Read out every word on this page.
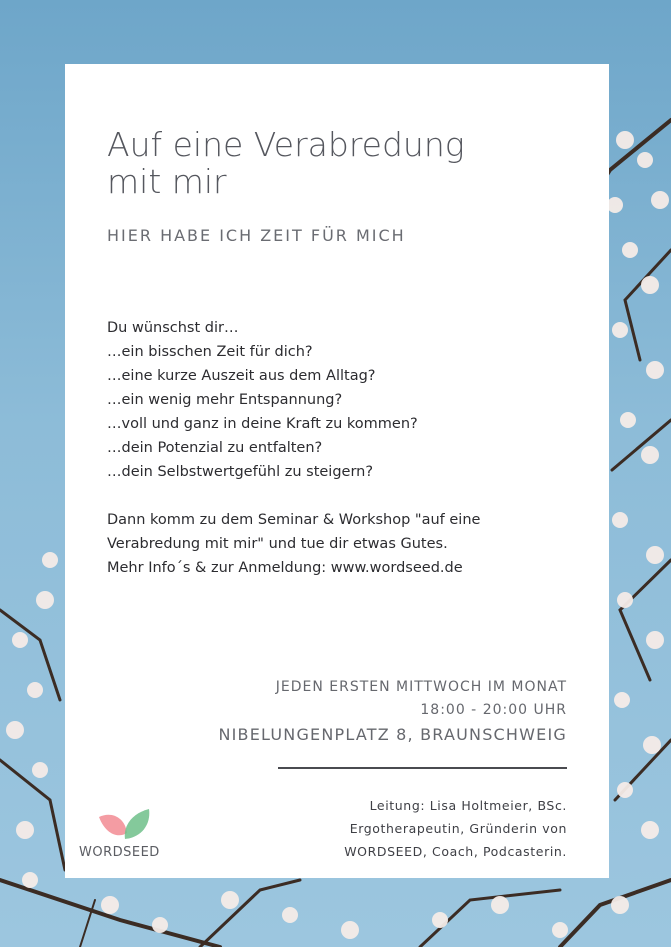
Auf eine Verabredung
mit mir
HIER HABE ICH ZEIT FÜR MICH
Du wünschst dir…
…ein bisschen Zeit für dich?
…eine kurze Auszeit aus dem Alltag?
…ein wenig mehr Entspannung?
…voll und ganz in deine Kraft zu kommen?
…dein Potenzial zu entfalten?
…dein Selbstwertgefühl zu steigern?
Dann komm zu dem Seminar & Workshop "auf eine
Verabredung mit mir" und tue dir etwas Gutes.
Mehr Info´s & zur Anmeldung: www.wordseed.de
JEDEN ERSTEN MITTWOCH IM MONAT
18:00 - 20:00 UHR
NIBELUNGENPLATZ 8, BRAUNSCHWEIG
Leitung: Lisa Holtmeier, BSc.
Ergotherapeutin, Gründerin von
WORDSEED, Coach, Podcasterin.
WORDSEED
